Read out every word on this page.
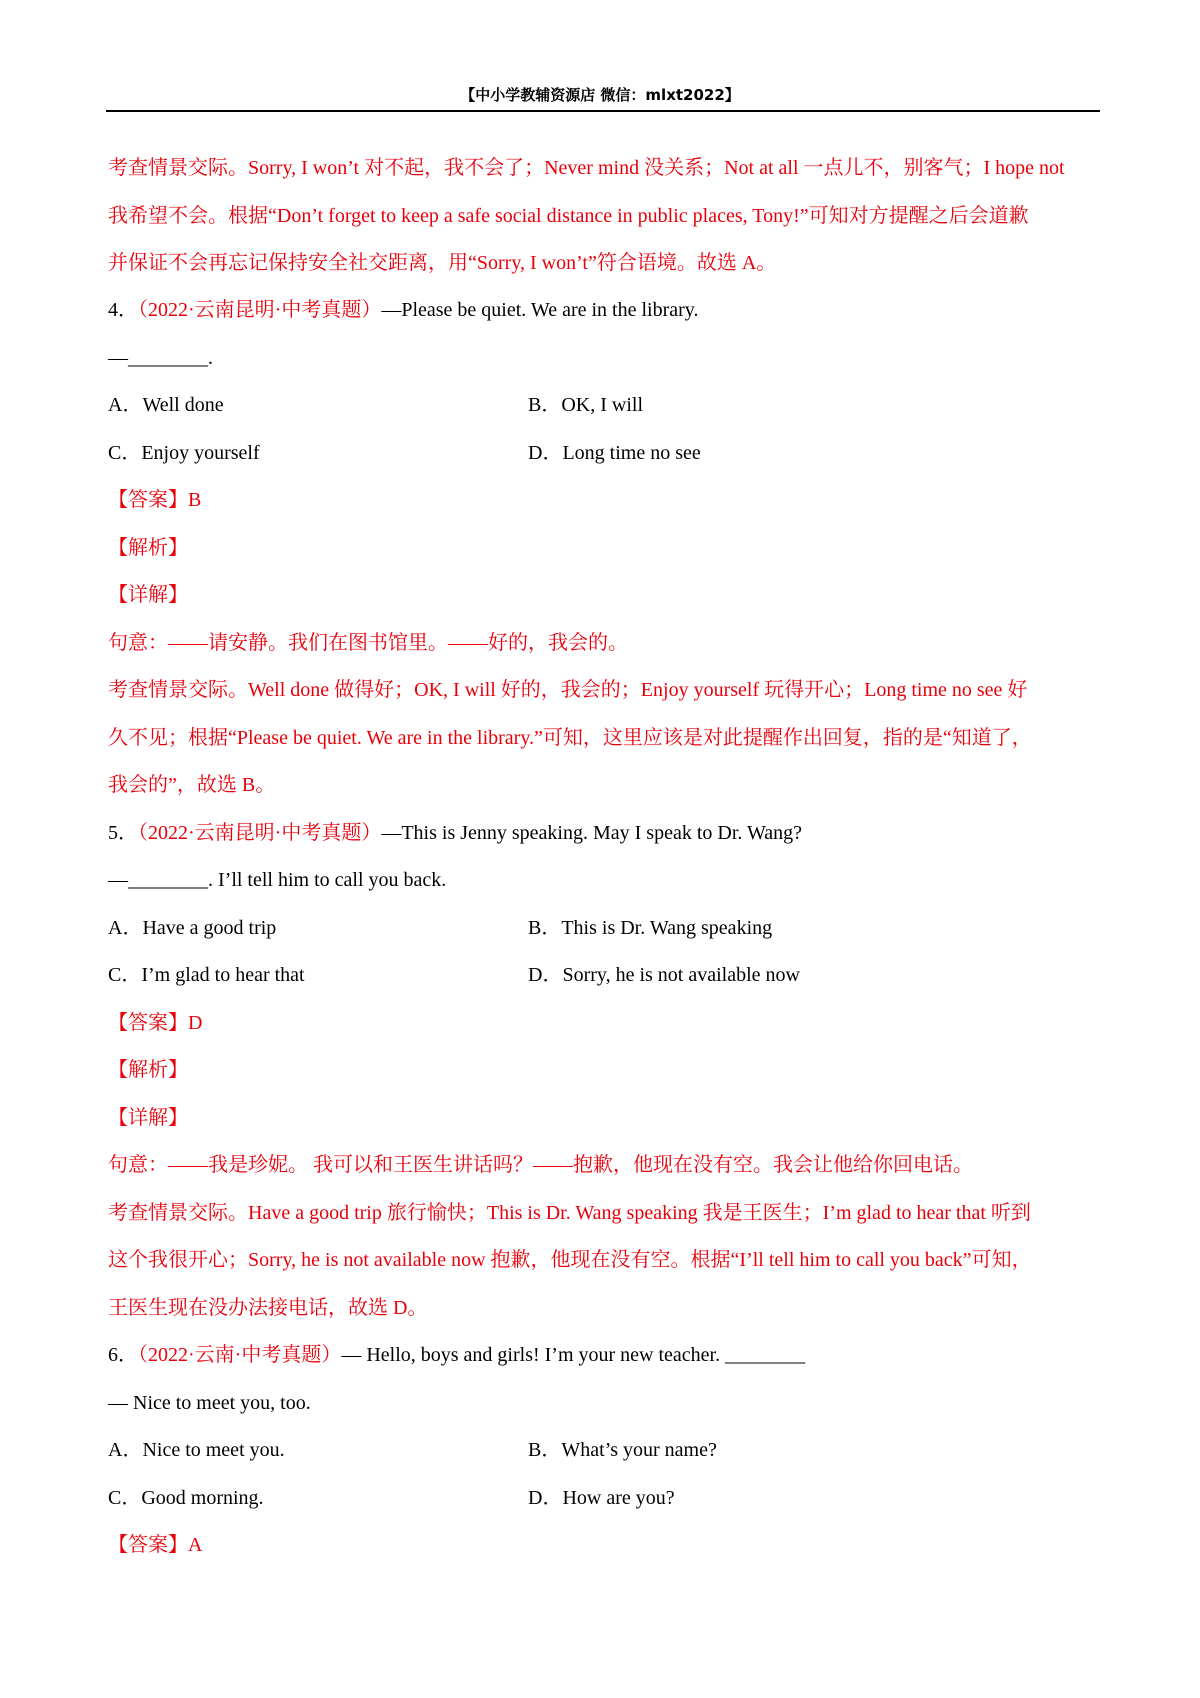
【中小学教辅资源店 微信：mlxt2022】
考查情景交际。Sorry, I won’t 对不起，我不会了；Never mind 没关系；Not at all 一点儿不，别客气；I hope not
我希望不会。根据“Don’t forget to keep a safe social distance in public places, Tony!”可知对方提醒之后会道歉
并保证不会再忘记保持安全社交距离，用“Sorry, I won’t”符合语境。故选 A。
4．（2022·云南昆明·中考真题）—Please be quiet. We are in the library.
—________.
A．Well done	B．OK, I will
C．Enjoy yourself	D．Long time no see
【答案】B
【解析】
【详解】
句意：——请安静。我们在图书馆里。——好的，我会的。
考查情景交际。Well done 做得好；OK, I will 好的，我会的；Enjoy yourself 玩得开心；Long time no see 好
久不见；根据“Please be quiet. We are in the library.”可知，这里应该是对此提醒作出回复，指的是“知道了，
我会的”，故选 B。
5．（2022·云南昆明·中考真题）—This is Jenny speaking. May I speak to Dr. Wang?
—________. I’ll tell him to call you back.
A．Have a good trip	B．This is Dr. Wang speaking
C．I’m glad to hear that	D．Sorry, he is not available now
【答案】D
【解析】
【详解】
句意：——我是珍妮。 我可以和王医生讲话吗？——抱歉，他现在没有空。我会让他给你回电话。
考查情景交际。Have a good trip 旅行愉快；This is Dr. Wang speaking 我是王医生；I’m glad to hear that 听到
这个我很开心；Sorry, he is not available now 抱歉，他现在没有空。根据“I’ll tell him to call you back”可知，
王医生现在没办法接电话，故选 D。
6．（2022·云南·中考真题）— Hello, boys and girls! I’m your new teacher. ________
— Nice to meet you, too.
A．Nice to meet you.	B．What’s your name?
C．Good morning.	D．How are you?
【答案】A
